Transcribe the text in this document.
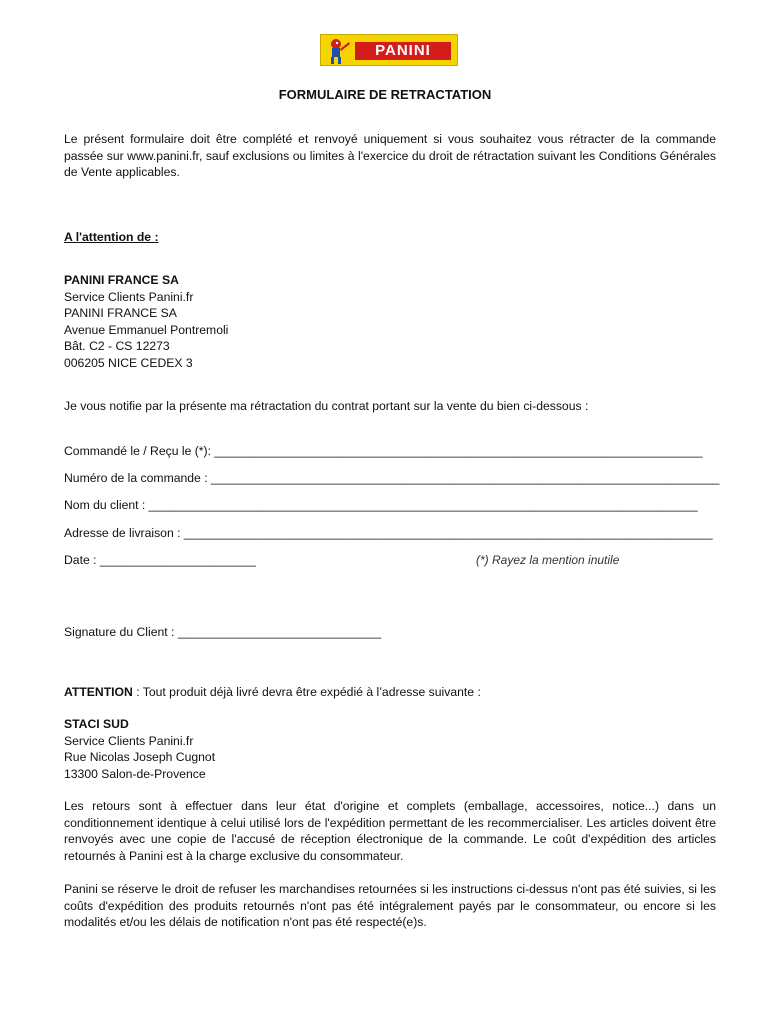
PANINI
FORMULAIRE DE RETRACTATION
Le présent formulaire doit être complété et renvoyé uniquement si vous souhaitez vous rétracter de la commande passée sur www.panini.fr, sauf exclusions ou limites à l'exercice du droit de rétractation suivant les Conditions Générales de Vente applicables.
A l'attention de :
PANINI FRANCE SA
Service Clients Panini.fr
PANINI FRANCE SA
Avenue Emmanuel Pontremoli
Bât. C2 - CS 12273
006205 NICE CEDEX 3
Je vous notifie par la présente ma rétractation du contrat portant sur la vente du bien ci-dessous :
Commandé le / Reçu le (*): ________________________________________________________________________
Numéro de la commande : ___________________________________________________________________________
Nom du client : _________________________________________________________________________________
Adresse de livraison : ______________________________________________________________________________
Date : _______________________	(*) Rayez la mention inutile
Signature du Client : ______________________________
ATTENTION : Tout produit déjà livré devra être expédié à l’adresse suivante :
STACI SUD
Service Clients Panini.fr
Rue Nicolas Joseph Cugnot
13300 Salon-de-Provence
Les retours sont à effectuer dans leur état d'origine et complets (emballage, accessoires, notice...) dans un conditionnement identique à celui utilisé lors de l'expédition permettant de les recommercialiser. Les articles doivent être renvoyés avec une copie de l'accusé de réception électronique de la commande. Le coût d'expédition des articles retournés à Panini est à la charge exclusive du consommateur.
Panini se réserve le droit de refuser les marchandises retournées si les instructions ci-dessus n'ont pas été suivies, si les coûts d'expédition des produits retournés n'ont pas été intégralement payés par le consommateur, ou encore si les modalités et/ou les délais de notification n'ont pas été respecté(e)s.
